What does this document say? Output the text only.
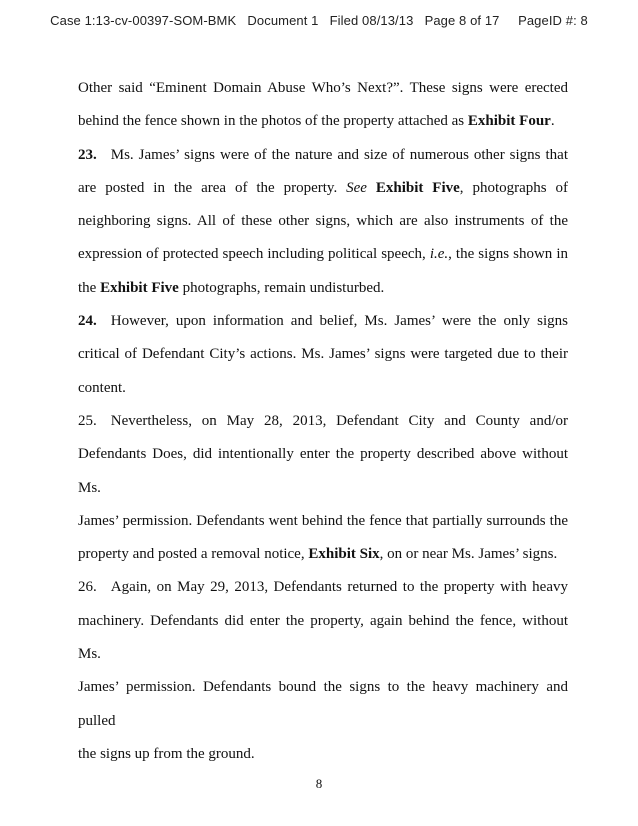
Case 1:13-cv-00397-SOM-BMK Document 1 Filed 08/13/13 Page 8 of 17 PageID #: 8

Other said “Eminent Domain Abuse Who’s Next?”. These signs were erected
behind the fence shown in the photos of the property attached as Exhibit Four.

23. Ms. James’ signs were of the nature and size of numerous other signs that
are posted in the area of the property. See Exhibit Five, photographs of
neighboring signs. All of these other signs, which are also instruments of the
expression of protected speech including political speech, i.e., the signs shown in
the Exhibit Five photographs, remain undisturbed.

24. However, upon information and belief, Ms. James’ were the only signs
critical of Defendant City’s actions. Ms. James’ signs were targeted due to their
content.

25. Nevertheless, on May 28, 2013, Defendant City and County and/or
Defendants Does, did intentionally enter the property described above without Ms.
James’ permission. Defendants went behind the fence that partially surrounds the
property and posted a removal notice, Exhibit Six, on or near Ms. James’ signs.

26. Again, on May 29, 2013, Defendants returned to the property with heavy
machinery. Defendants did enter the property, again behind the fence, without Ms.
James’ permission. Defendants bound the signs to the heavy machinery and pulled
the signs up from the ground.

8
